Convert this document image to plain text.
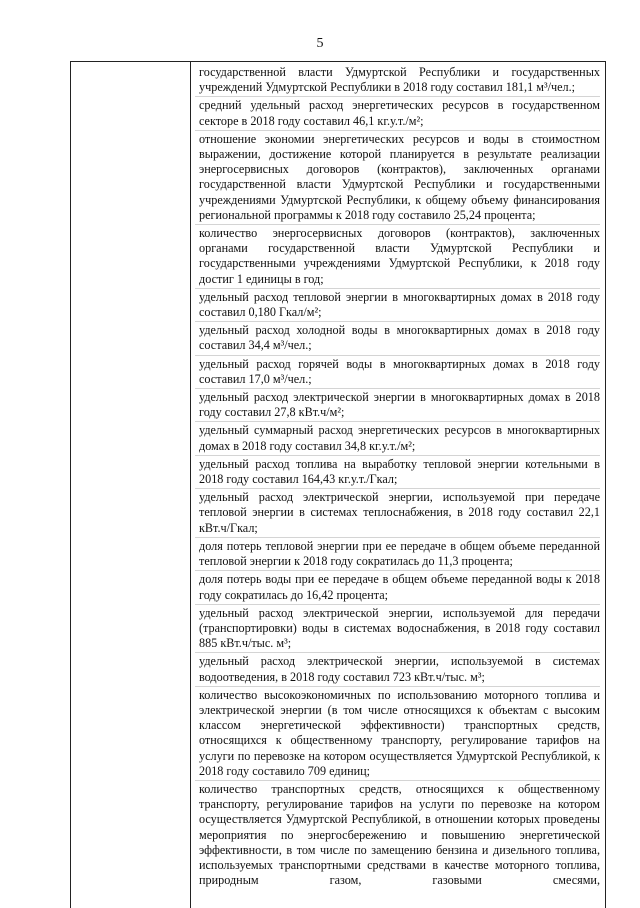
5

государственной власти Удмуртской Республики и государственных учреждений Удмуртской Республики в 2018 году составил 181,1 м³/чел.;

средний удельный расход энергетических ресурсов в государственном секторе в 2018 году составил 46,1 кг.у.т./м²;

отношение экономии энергетических ресурсов и воды в стоимостном выражении, достижение которой планируется в результате реализации энергосервисных договоров (контрактов), заключенных органами государственной власти Удмуртской Республики и государственными учреждениями Удмуртской Республики, к общему объему финансирования региональной программы к 2018 году составило 25,24 процента;

количество энергосервисных договоров (контрактов), заключенных органами государственной власти Удмуртской Республики и государственными учреждениями Удмуртской Республики, к 2018 году достиг 1 единицы в год;

удельный расход тепловой энергии в многоквартирных домах в 2018 году составил 0,180 Гкал/м²;

удельный расход холодной воды в многоквартирных домах в 2018 году составил 34,4 м³/чел.;

удельный расход горячей воды в многоквартирных домах в 2018 году составил 17,0 м³/чел.;

удельный расход электрической энергии в многоквартирных домах в 2018 году составил 27,8 кВт.ч/м²;

удельный суммарный расход энергетических ресурсов в многоквартирных домах в 2018 году составил 34,8 кг.у.т./м²;

удельный расход топлива на выработку тепловой энергии котельными в 2018 году составил 164,43 кг.у.т./Гкал;

удельный расход электрической энергии, используемой при передаче тепловой энергии в системах теплоснабжения, в 2018 году составил 22,1 кВт.ч/Гкал;

доля потерь тепловой энергии при ее передаче в общем объеме переданной тепловой энергии к 2018 году сократилась до 11,3 процента;

доля потерь воды при ее передаче в общем объеме переданной воды к 2018 году сократилась до 16,42 процента;

удельный расход электрической энергии, используемой для передачи (транспортировки) воды в системах водоснабжения, в 2018 году составил 885 кВт.ч/тыс. м³;

удельный расход электрической энергии, используемой в системах водоотведения, в 2018 году составил 723 кВт.ч/тыс. м³;

количество высокоэкономичных по использованию моторного топлива и электрической энергии (в том числе относящихся к объектам с высоким классом энергетической эффективности) транспортных средств, относящихся к общественному транспорту, регулирование тарифов на услуги по перевозке на котором осуществляется Удмуртской Республикой, к 2018 году составило 709 единиц;

количество транспортных средств, относящихся к общественному транспорту, регулирование тарифов на услуги по перевозке на котором осуществляется Удмуртской Республикой, в отношении которых проведены мероприятия по энергосбережению и повышению энергетической эффективности, в том числе по замещению бензина и дизельного топлива, используемых транспортными средствами в качестве моторного топлива, природным газом, газовыми смесями,
